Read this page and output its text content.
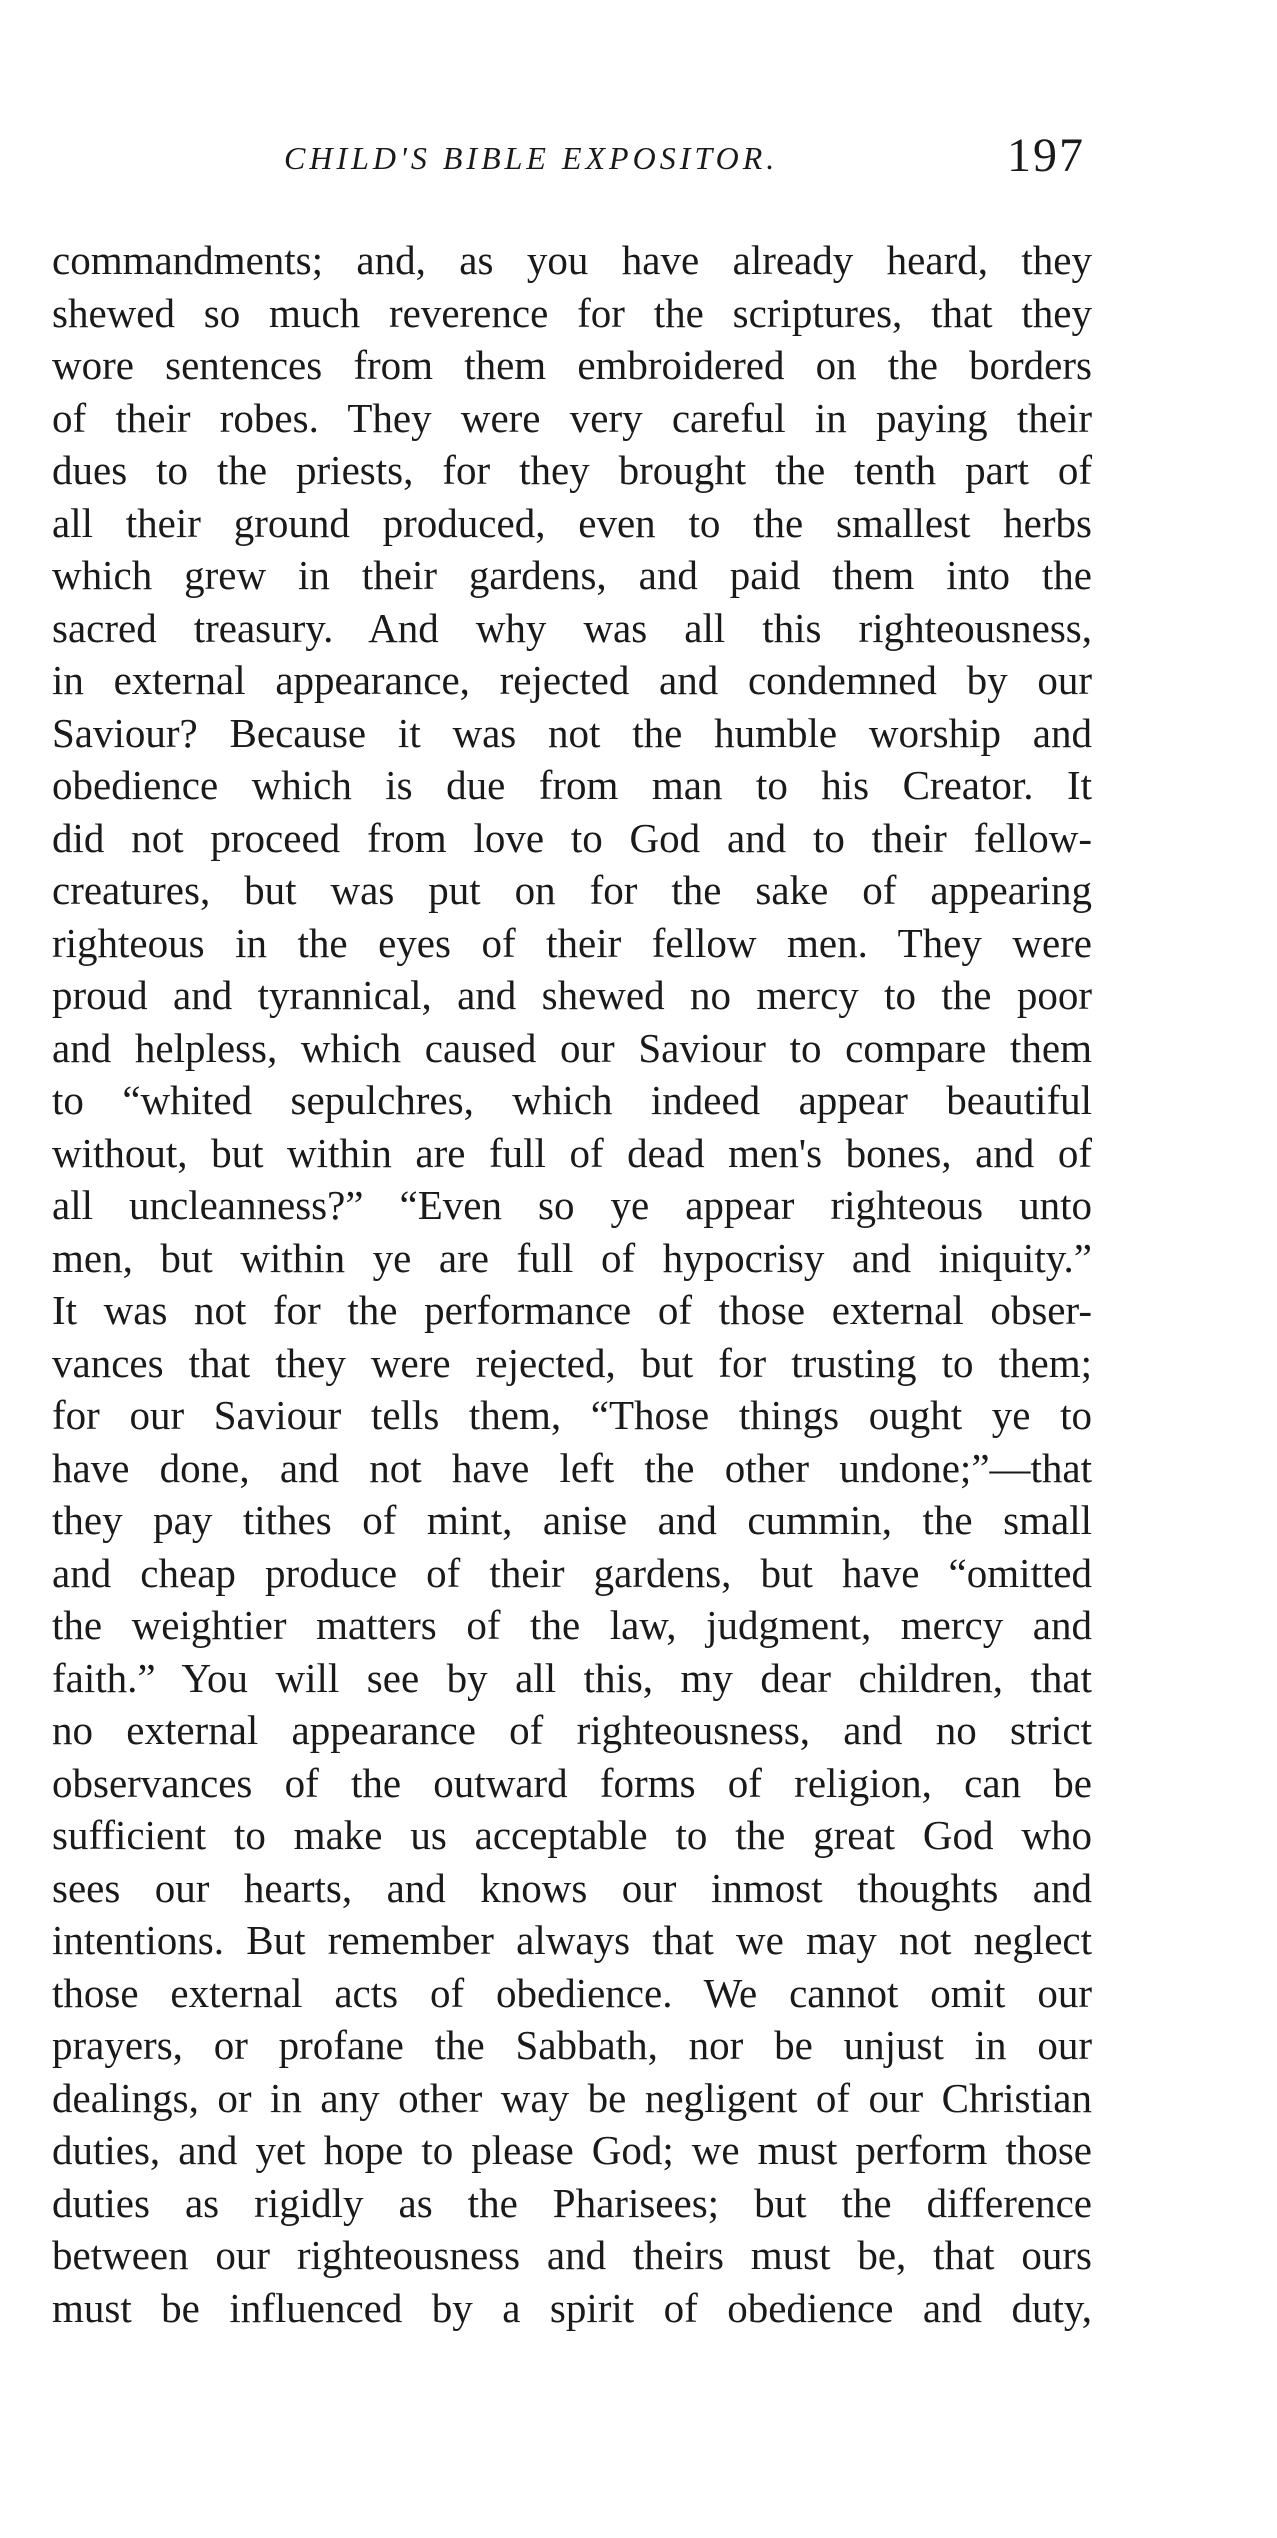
CHILD'S BIBLE EXPOSITOR.	197
commandments; and, as you have already heard, they
shewed so much reverence for the scriptures, that they
wore sentences from them embroidered on the borders
of their robes. They were very careful in paying their
dues to the priests, for they brought the tenth part of
all their ground produced, even to the smallest herbs
which grew in their gardens, and paid them into the
sacred treasury. And why was all this righteousness,
in external appearance, rejected and condemned by our
Saviour? Because it was not the humble worship and
obedience which is due from man to his Creator. It
did not proceed from love to God and to their fellow-
creatures, but was put on for the sake of appearing
righteous in the eyes of their fellow men. They were
proud and tyrannical, and shewed no mercy to the poor
and helpless, which caused our Saviour to compare them
to “whited sepulchres, which indeed appear beautiful
without, but within are full of dead men's bones, and of
all uncleanness?” “Even so ye appear righteous unto
men, but within ye are full of hypocrisy and iniquity.”
It was not for the performance of those external obser-
vances that they were rejected, but for trusting to them;
for our Saviour tells them, “Those things ought ye to
have done, and not have left the other undone;”—that
they pay tithes of mint, anise and cummin, the small
and cheap produce of their gardens, but have “omitted
the weightier matters of the law, judgment, mercy and
faith.” You will see by all this, my dear children, that
no external appearance of righteousness, and no strict
observances of the outward forms of religion, can be
sufficient to make us acceptable to the great God who
sees our hearts, and knows our inmost thoughts and
intentions. But remember always that we may not neglect
those external acts of obedience. We cannot omit our
prayers, or profane the Sabbath, nor be unjust in our
dealings, or in any other way be negligent of our Christian
duties, and yet hope to please God; we must perform those
duties as rigidly as the Pharisees; but the difference
between our righteousness and theirs must be, that ours
must be influenced by a spirit of obedience and duty,
